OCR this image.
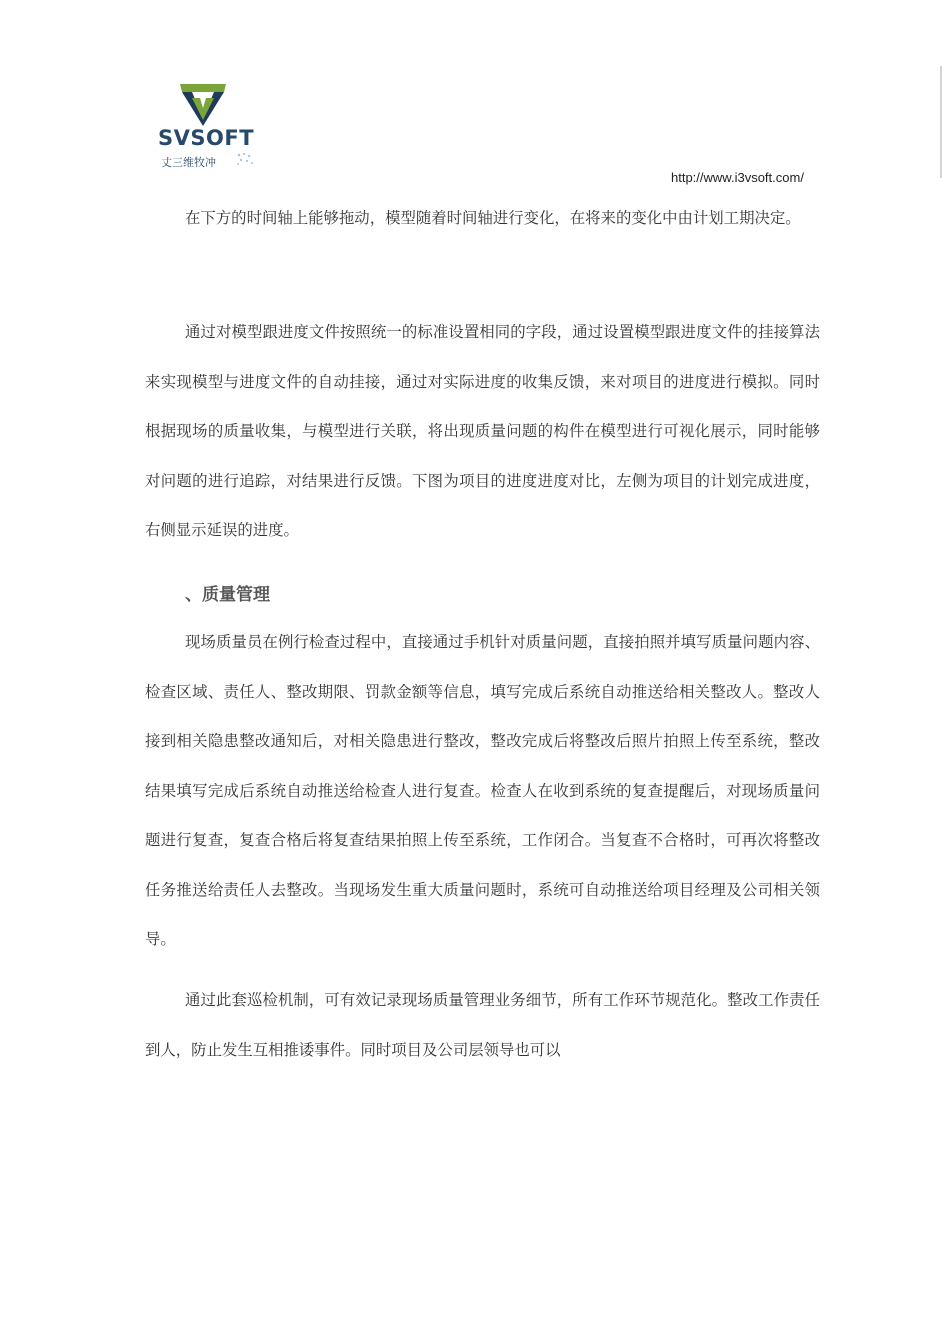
SVSOFT
丈三维牧冲
http://www.i3vsoft.com/

在下方的时间轴上能够拖动，模型随着时间轴进行变化，在将来的变化中由计划工期决定。

通过对模型跟进度文件按照统一的标准设置相同的字段，通过设置模型跟进度文件的挂接算法来实现模型与进度文件的自动挂接，通过对实际进度的收集反馈，来对项目的进度进行模拟。同时根据现场的质量收集，与模型进行关联，将出现质量问题的构件在模型进行可视化展示，同时能够对问题的进行追踪，对结果进行反馈。下图为项目的进度进度对比，左侧为项目的计划完成进度，右侧显示延误的进度。

、质量管理

现场质量员在例行检查过程中，直接通过手机针对质量问题，直接拍照并填写质量问题内容、检查区域、责任人、整改期限、罚款金额等信息，填写完成后系统自动推送给相关整改人。整改人接到相关隐患整改通知后，对相关隐患进行整改，整改完成后将整改后照片拍照上传至系统，整改结果填写完成后系统自动推送给检查人进行复查。检查人在收到系统的复查提醒后，对现场质量问题进行复查，复查合格后将复查结果拍照上传至系统，工作闭合。当复查不合格时，可再次将整改任务推送给责任人去整改。当现场发生重大质量问题时，系统可自动推送给项目经理及公司相关领导。

通过此套巡检机制，可有效记录现场质量管理业务细节，所有工作环节规范化。整改工作责任到人，防止发生互相推诿事件。同时项目及公司层领导也可以
